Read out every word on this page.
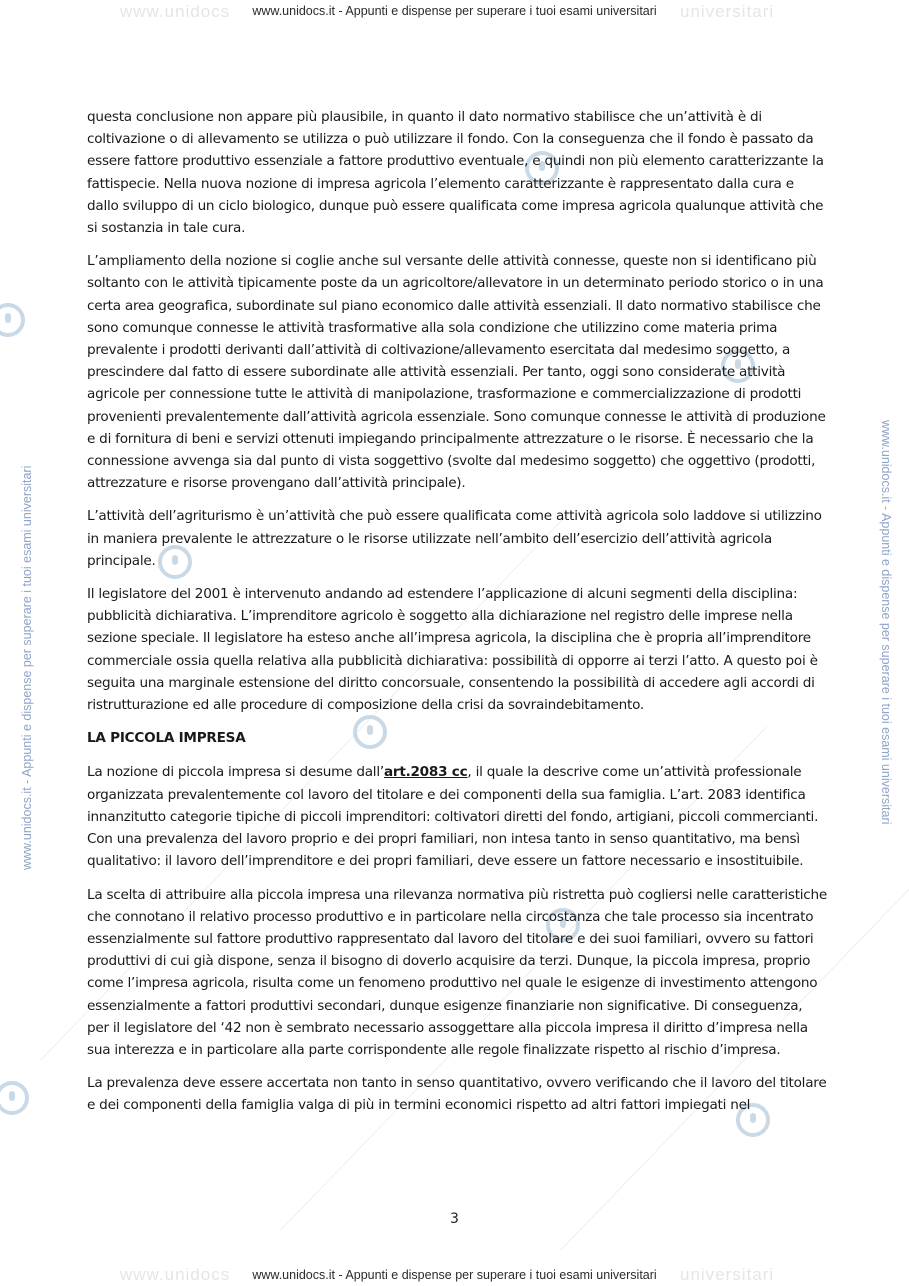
www.unidocs	universitari
www.unidocs	universitari
www.unidocs.it - Appunti e dispense per superare i tuoi esami universitari
www.unidocs.it - Appunti e dispense per superare i tuoi esami universitari
www.unidocs.it - Appunti e dispense per superare i tuoi esami universitari	www.unidocs.it - Appunti e dispense per superare i tuoi esami universitari

questa conclusione non appare più plausibile, in quanto il dato normativo stabilisce che un’attività è di coltivazione o di allevamento se utilizza o può utilizzare il fondo. Con la conseguenza che il fondo è passato da essere fattore produttivo essenziale a fattore produttivo eventuale, e quindi non più elemento caratterizzante la fattispecie. Nella nuova nozione di impresa agricola l’elemento caratterizzante è rappresentato dalla cura e dallo sviluppo di un ciclo biologico, dunque può essere qualificata come impresa agricola qualunque attività che si sostanzia in tale cura.

L’ampliamento della nozione si coglie anche sul versante delle attività connesse, queste non si identificano più soltanto con le attività tipicamente poste da un agricoltore/allevatore in un determinato periodo storico o in una certa area geografica, subordinate sul piano economico dalle attività essenziali. Il dato normativo stabilisce che sono comunque connesse le attività trasformative alla sola condizione che utilizzino come materia prima prevalente i prodotti derivanti dall’attività di coltivazione/allevamento esercitata dal medesimo soggetto, a prescindere dal fatto di essere subordinate alle attività essenziali. Per tanto, oggi sono considerate attività agricole per connessione tutte le attività di manipolazione, trasformazione e commercializzazione di prodotti provenienti prevalentemente dall’attività agricola essenziale. Sono comunque connesse le attività di produzione e di fornitura di beni e servizi ottenuti impiegando principalmente attrezzature o le risorse. È necessario che la connessione avvenga sia dal punto di vista soggettivo (svolte dal medesimo soggetto) che oggettivo (prodotti, attrezzature e risorse provengano dall’attività principale).

L’attività dell’agriturismo è un’attività che può essere qualificata come attività agricola solo laddove si utilizzino in maniera prevalente le attrezzature o le risorse utilizzate nell’ambito dell’esercizio dell’attività agricola principale.

Il legislatore del 2001 è intervenuto andando ad estendere l’applicazione di alcuni segmenti della disciplina: pubblicità dichiarativa. L’imprenditore agricolo è soggetto alla dichiarazione nel registro delle imprese nella sezione speciale. Il legislatore ha esteso anche all’impresa agricola, la disciplina che è propria all’imprenditore commerciale ossia quella relativa alla pubblicità dichiarativa: possibilità di opporre ai terzi l’atto. A questo poi è seguita una marginale estensione del diritto concorsuale, consentendo la possibilità di accedere agli accordi di ristrutturazione ed alle procedure di composizione della crisi da sovraindebitamento.

LA PICCOLA IMPRESA

La nozione di piccola impresa si desume dall’art.2083 cc, il quale la descrive come un’attività professionale organizzata prevalentemente col lavoro del titolare e dei componenti della sua famiglia. L’art. 2083 identifica innanzitutto categorie tipiche di piccoli imprenditori: coltivatori diretti del fondo, artigiani, piccoli commercianti. Con una prevalenza del lavoro proprio e dei propri familiari, non intesa tanto in senso quantitativo, ma bensì qualitativo: il lavoro dell’imprenditore e dei propri familiari, deve essere un fattore necessario e insostituibile.

La scelta di attribuire alla piccola impresa una rilevanza normativa più ristretta può cogliersi nelle caratteristiche che connotano il relativo processo produttivo e in particolare nella circostanza che tale processo sia incentrato essenzialmente sul fattore produttivo rappresentato dal lavoro del titolare e dei suoi familiari, ovvero su fattori produttivi di cui già dispone, senza il bisogno di doverlo acquisire da terzi. Dunque, la piccola impresa, proprio come l’impresa agricola, risulta come un fenomeno produttivo nel quale le esigenze di investimento attengono essenzialmente a fattori produttivi secondari, dunque esigenze finanziarie non significative. Di conseguenza, per il legislatore del ‘42 non è sembrato necessario assoggettare alla piccola impresa il diritto d’impresa nella sua interezza e in particolare alla parte corrispondente alle regole finalizzate rispetto al rischio d’impresa.

La prevalenza deve essere accertata non tanto in senso quantitativo, ovvero verificando che il lavoro del titolare e dei componenti della famiglia valga di più in termini economici rispetto ad altri fattori impiegati nel

3
